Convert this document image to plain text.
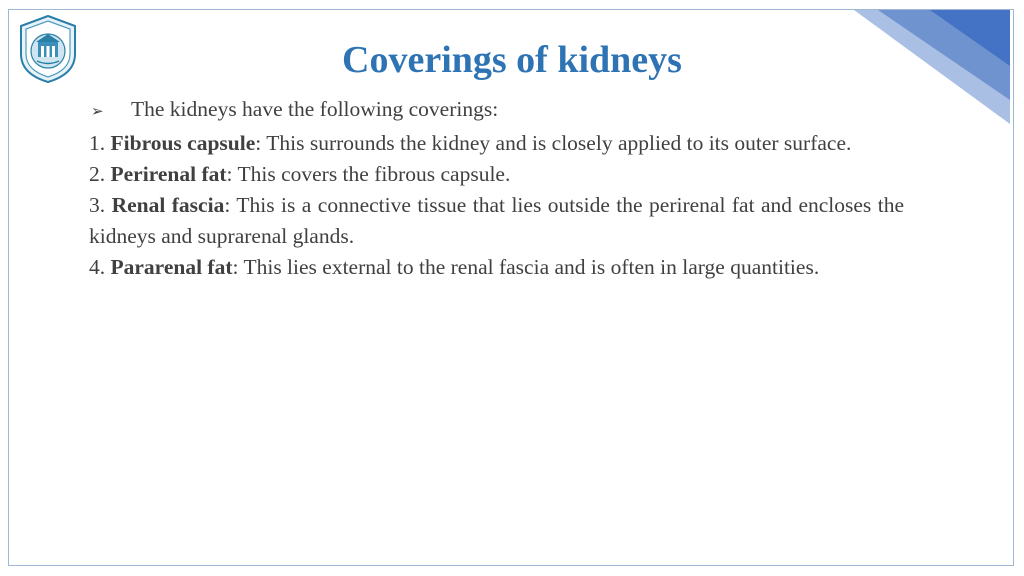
Coverings of kidneys
➢	The kidneys have the following coverings:

1. Fibrous capsule: This surrounds the kidney and is closely applied to its outer surface.

2. Perirenal fat: This covers the fibrous capsule.

3. Renal fascia: This is a connective tissue that lies outside the perirenal fat and encloses the kidneys and suprarenal glands.

4. Pararenal fat: This lies external to the renal fascia and is often in large quantities.
